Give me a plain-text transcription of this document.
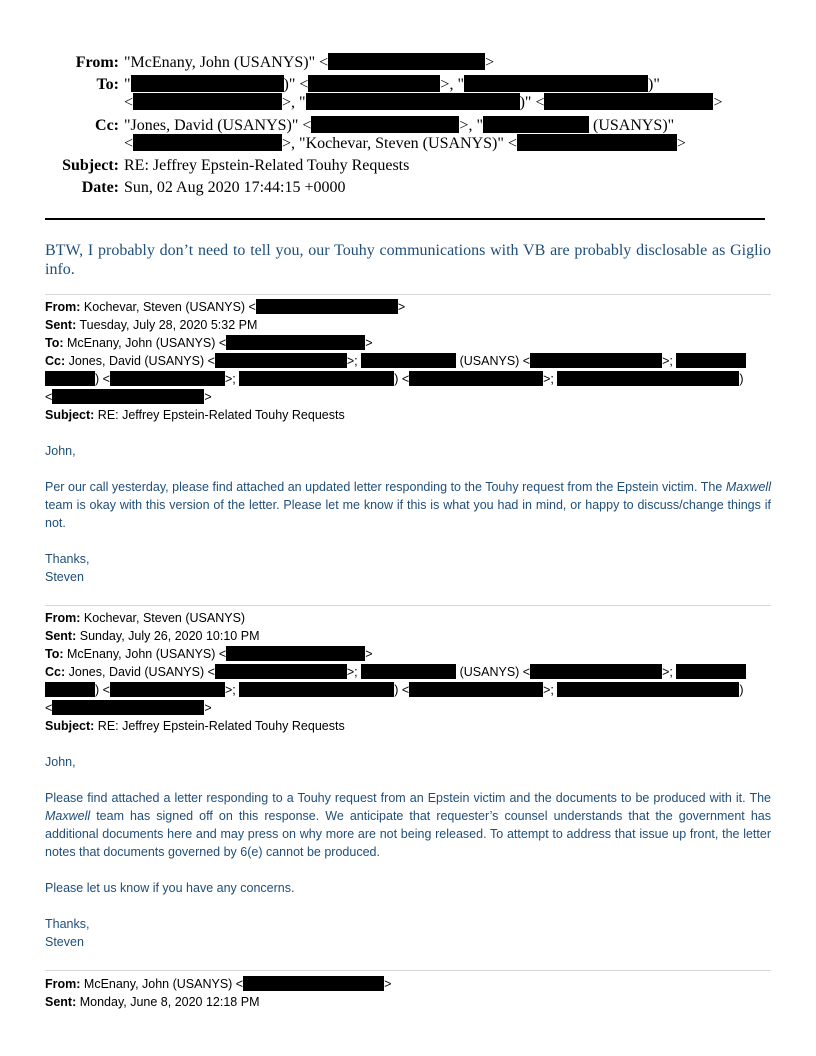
From: "McEnany, John (USANYS)" <	>
To: "	)" <	>, "	)"
<	>, "	)" <	>
Cc: "Jones, David (USANYS)" <	>, "	(USANYS)"
<	>, "Kochevar, Steven (USANYS)" <	>
Subject: RE: Jeffrey Epstein-Related Touhy Requests
Date: Sun, 02 Aug 2020 17:44:15 +0000
BTW, I probably don’t need to tell you, our Touhy communications with VB are probably disclosable as Giglio info.
From: Kochevar, Steven (USANYS) <	>
Sent: Tuesday, July 28, 2020 5:32 PM
To: McEnany, John (USANYS) <	>
Cc: Jones, David (USANYS) <	>;	(USANYS) <	>;
) <	>;	) <	>;	)
<	>
Subject: RE: Jeffrey Epstein-Related Touhy Requests
John,
Per our call yesterday, please find attached an updated letter responding to the Touhy request from the Epstein victim. The Maxwell team is okay with this version of the letter. Please let me know if this is what you had in mind, or happy to discuss/change things if not.
Thanks,
Steven
From: Kochevar, Steven (USANYS)
Sent: Sunday, July 26, 2020 10:10 PM
To: McEnany, John (USANYS) <	>
Cc: Jones, David (USANYS) <	>;	(USANYS) <	>;
) <	>;	) <	>;	)
<	>
Subject: RE: Jeffrey Epstein-Related Touhy Requests
John,
Please find attached a letter responding to a Touhy request from an Epstein victim and the documents to be produced with it. The Maxwell team has signed off on this response. We anticipate that requester’s counsel understands that the government has additional documents here and may press on why more are not being released. To attempt to address that issue up front, the letter notes that documents governed by 6(e) cannot be produced.
Please let us know if you have any concerns.
Thanks,
Steven
From: McEnany, John (USANYS) <	>
Sent: Monday, June 8, 2020 12:18 PM
